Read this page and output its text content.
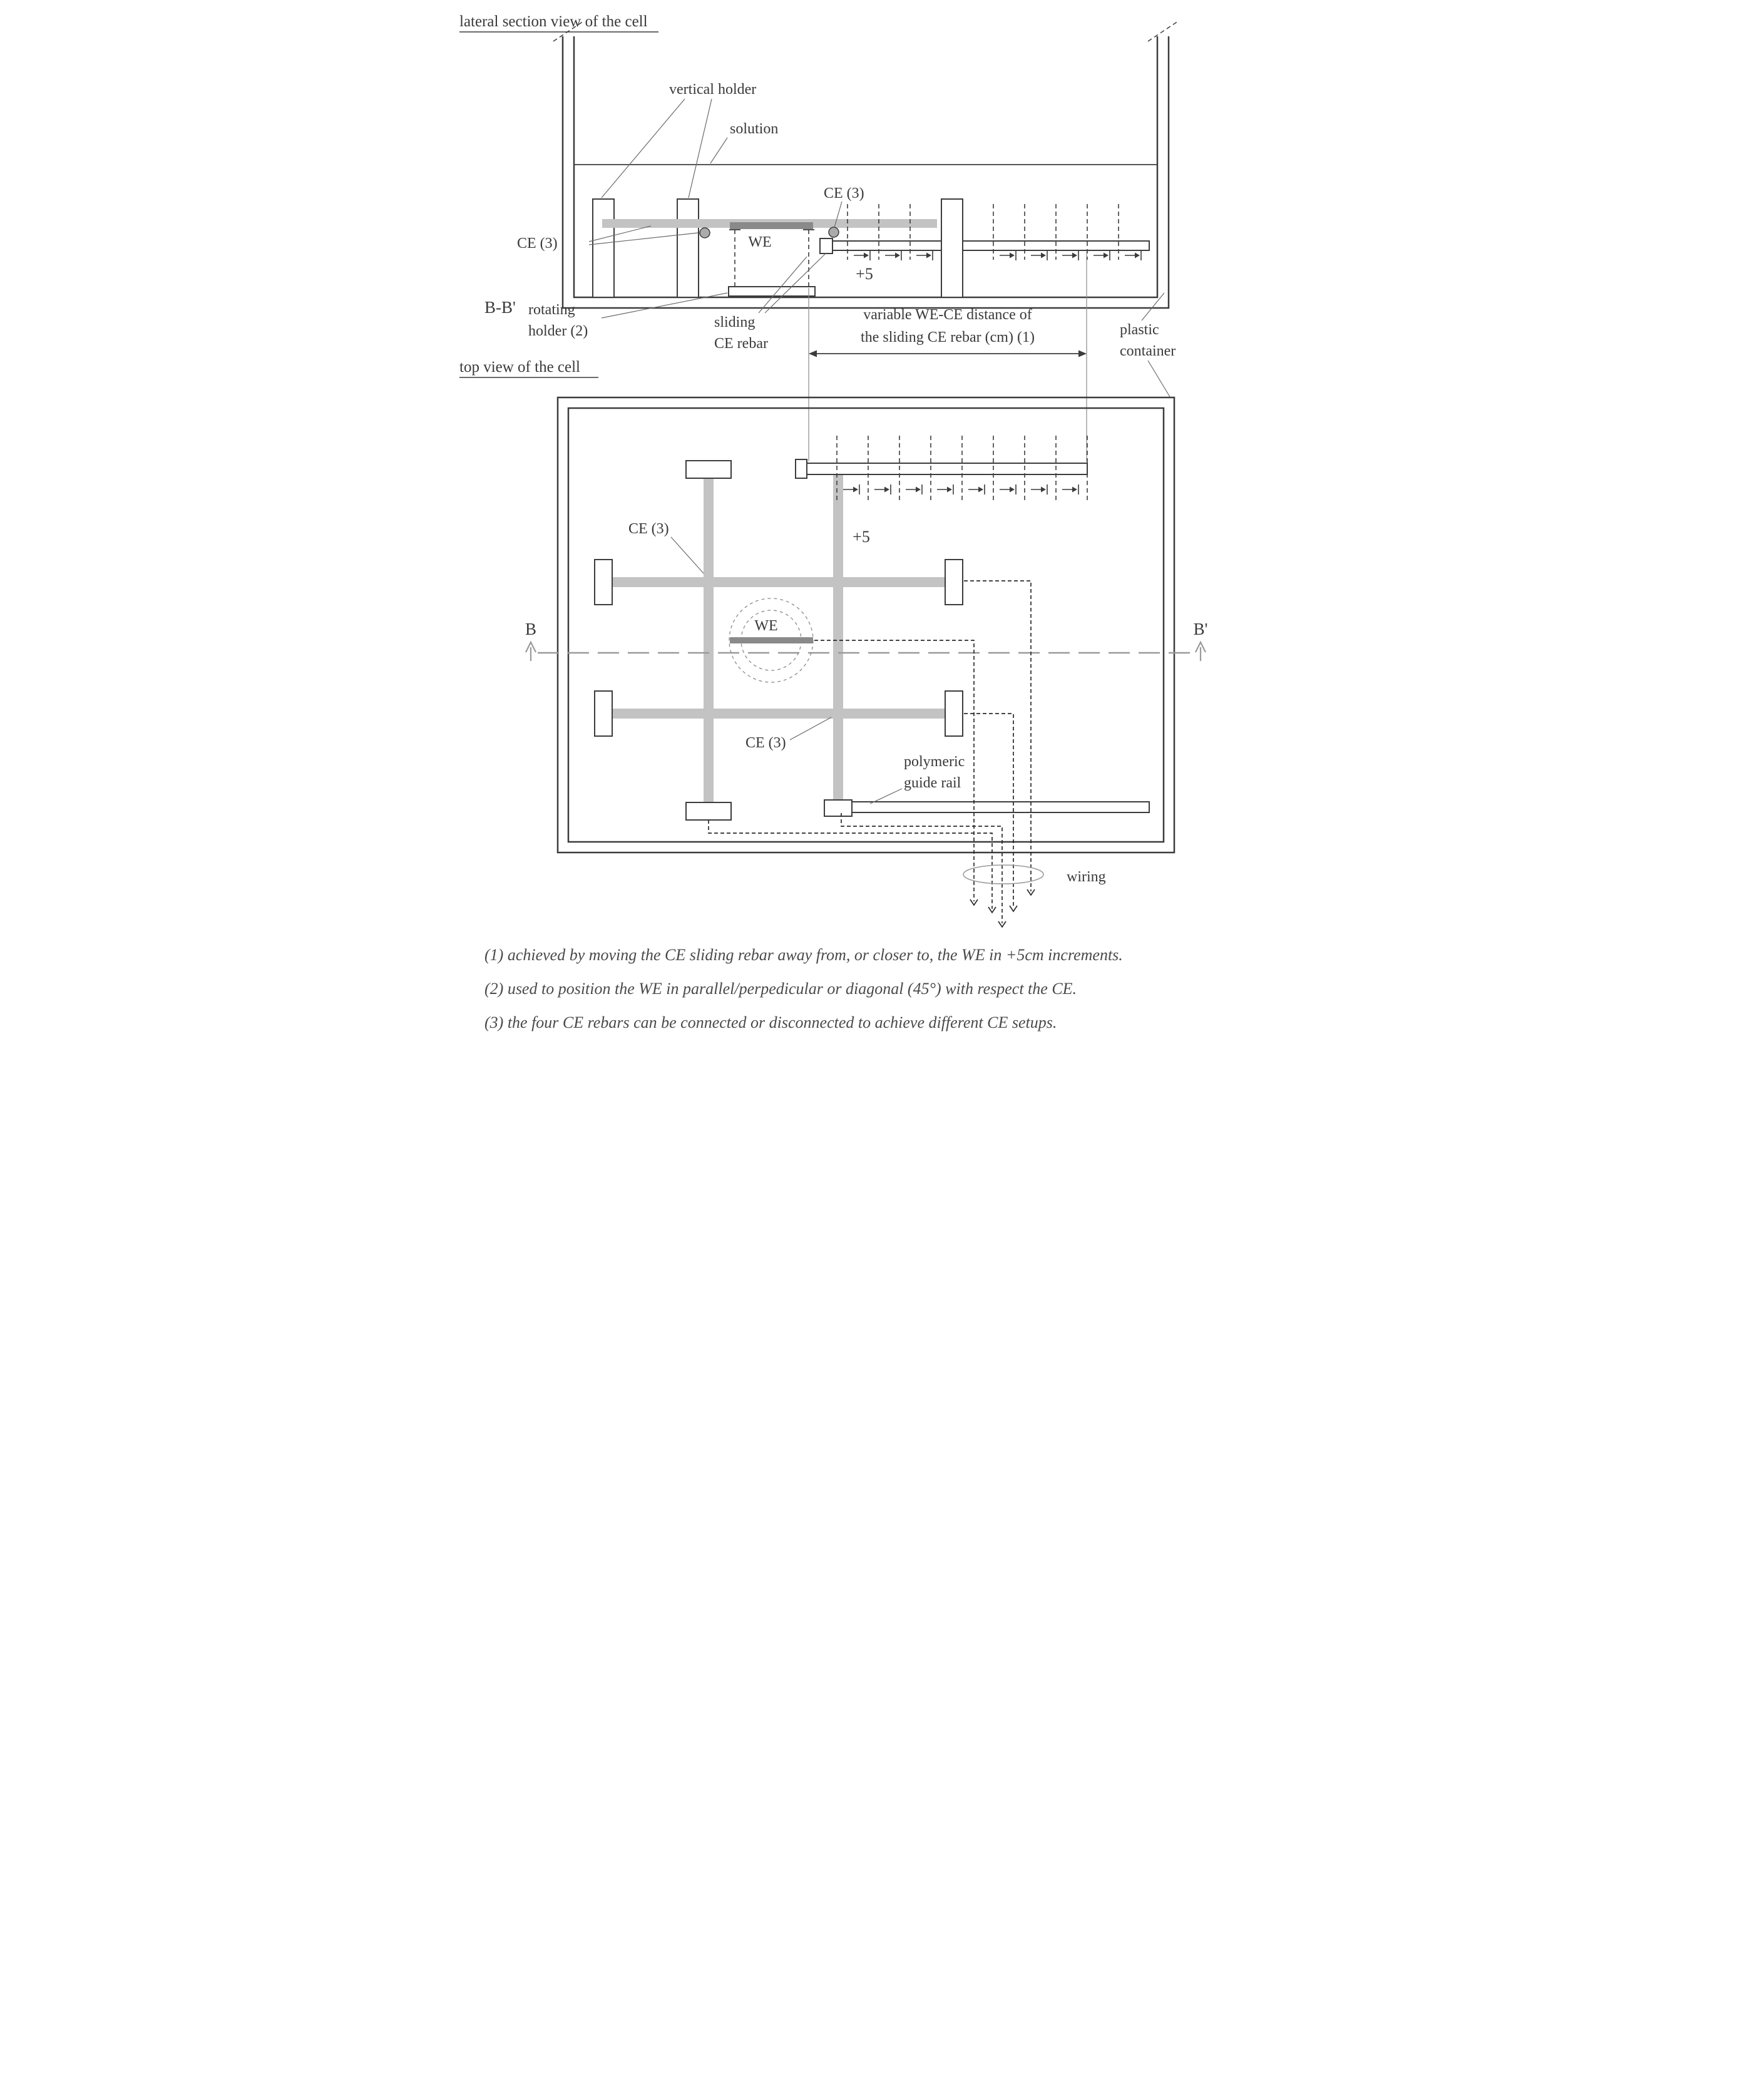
lateral section view of the cell
top view of the cell
vertical holder
solution
CE (3)
CE (3)	WE
+5
B-B' rotating
holder (2)
sliding
CE rebar
variable WE-CE distance of
the sliding CE rebar (cm) (1)	plastic
container
+5
B	B'
WE
CE (3)
CE (3)
polymeric
guide rail
wiring
(1) achieved by moving the CE sliding rebar away from, or closer to, the WE in +5cm increments.
(2) used to position the WE in parallel/perpedicular or diagonal (45°) with respect the CE.
(3) the four CE rebars can be connected or disconnected to achieve different CE setups.
